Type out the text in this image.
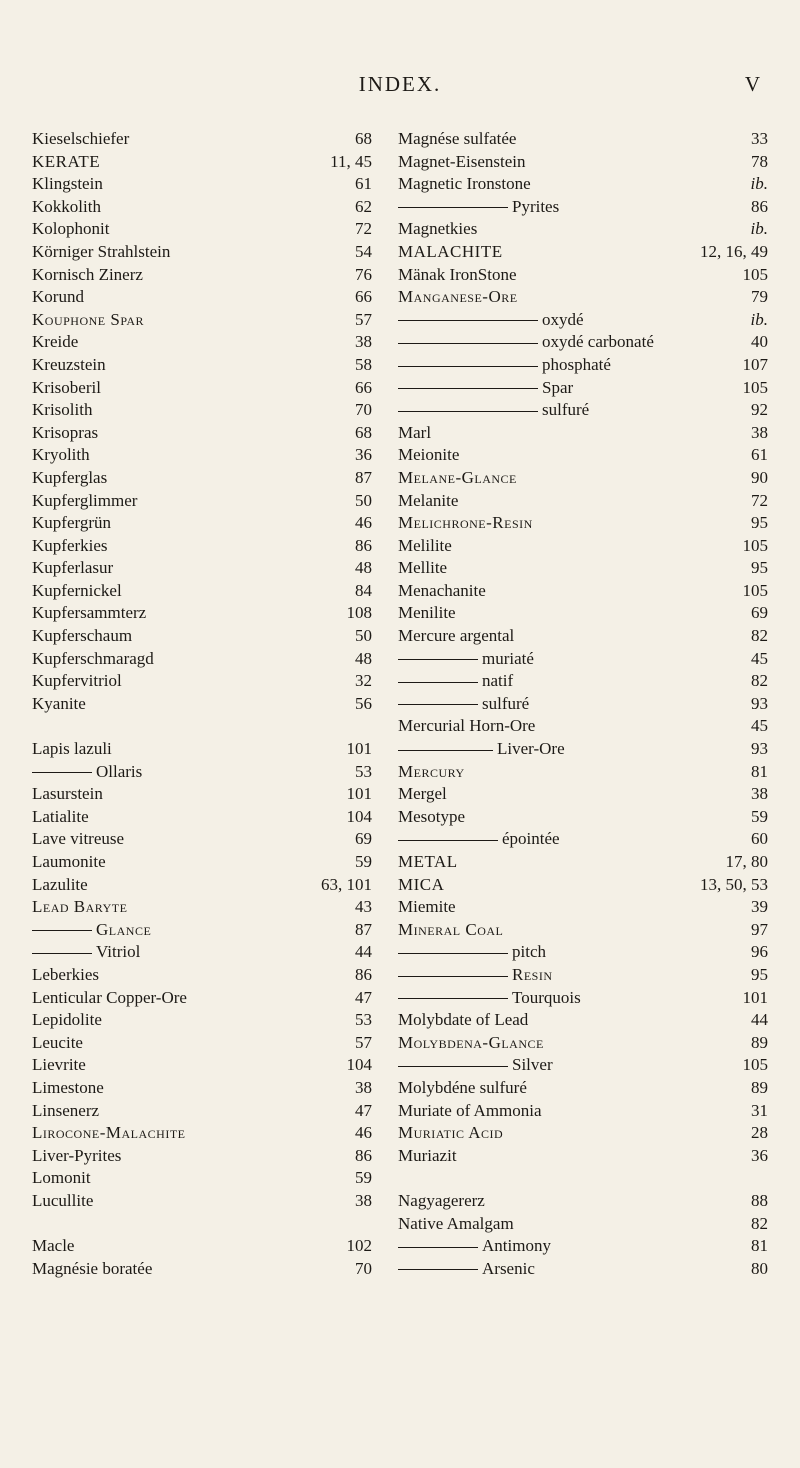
INDEX.	V
Kieselschiefer	68
KERATE	11, 45
Klingstein	61
Kokkolith	62
Kolophonit	72
Körniger Strahlstein	54
Kornisch Zinerz	76
Korund	66
Kouphone Spar	57
Kreide	38
Kreuzstein	58
Krisoberil	66
Krisolith	70
Krisopras	68
Kryolith	36
Kupferglas	87
Kupferglimmer	50
Kupfergrün	46
Kupferkies	86
Kupferlasur	48
Kupfernickel	84
Kupfersammterz	108
Kupferschaum	50
Kupferschmaragd	48
Kupfervitriol	32
Kyanite	56
Lapis lazuli	101
Ollaris	53
Lasurstein	101
Latialite	104
Lave vitreuse	69
Laumonite	59
Lazulite	63, 101
Lead Baryte	43
Glance	87
Vitriol	44
Leberkies	86
Lenticular Copper-Ore	47
Lepidolite	53
Leucite	57
Lievrite	104
Limestone	38
Linsenerz	47
Lirocone-Malachite	46
Liver-Pyrites	86
Lomonit	59
Lucullite	38
Macle	102
Magnésie boratée	70
Magnése sulfatée	33
Magnet-Eisenstein	78
Magnetic Ironstone	ib.
Pyrites	86
Magnetkies	ib.
MALACHITE	12, 16, 49
Mänak IronStone	105
Manganese-Ore	79
oxydé	ib.
oxydé carbonaté	40
phosphaté	107
Spar	105
sulfuré	92
Marl	38
Meionite	61
Melane-Glance	90
Melanite	72
Melichrone-Resin	95
Melilite	105
Mellite	95
Menachanite	105
Menilite	69
Mercure argental	82
muriaté	45
natif	82
sulfuré	93
Mercurial Horn-Ore	45
Liver-Ore	93
Mercury	81
Mergel	38
Mesotype	59
épointée	60
METAL	17, 80
MICA	13, 50, 53
Miemite	39
Mineral Coal	97
pitch	96
Resin	95
Tourquois	101
Molybdate of Lead	44
Molybdena-Glance	89
Silver	105
Molybdéne sulfuré	89
Muriate of Ammonia	31
Muriatic Acid	28
Muriazit	36
Nagyagererz	88
Native Amalgam	82
Antimony	81
Arsenic	80
